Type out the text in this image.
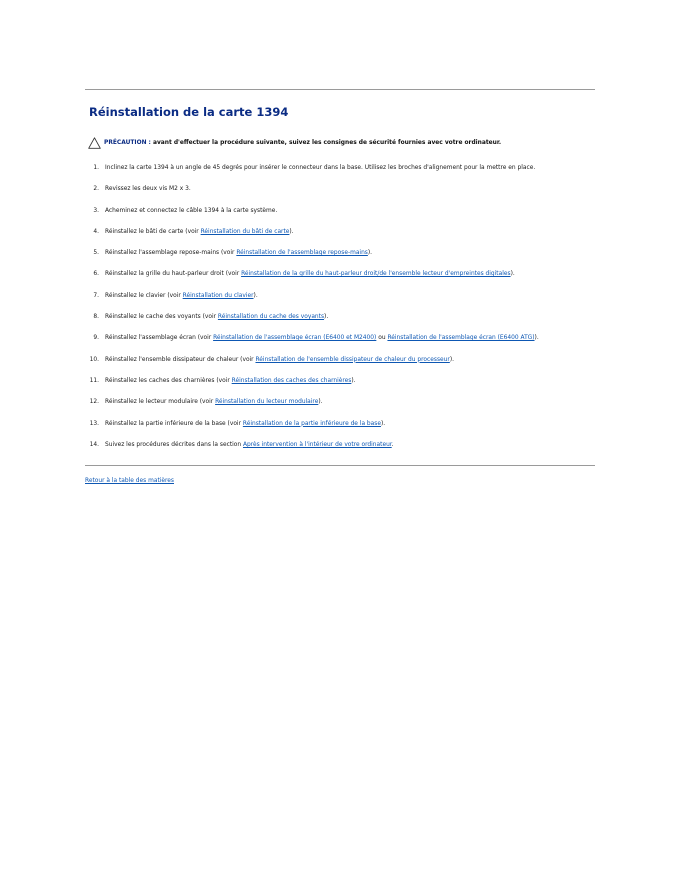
Réinstallation de la carte 1394
PRÉCAUTION : avant d'effectuer la procédure suivante, suivez les consignes de sécurité fournies avec votre ordinateur.
1. Inclinez la carte 1394 à un angle de 45 degrés pour insérer le connecteur dans la base. Utilisez les broches d'alignement pour la mettre en place.
2. Revissez les deux vis M2 x 3.
3. Acheminez et connectez le câble 1394 à la carte système.
4. Réinstallez le bâti de carte (voir Réinstallation du bâti de carte).
5. Réinstallez l'assemblage repose-mains (voir Réinstallation de l'assemblage repose-mains).
6. Réinstallez la grille du haut-parleur droit (voir Réinstallation de la grille du haut-parleur droit/de l'ensemble lecteur d'empreintes digitales).
7. Réinstallez le clavier (voir Réinstallation du clavier).
8. Réinstallez le cache des voyants (voir Réinstallation du cache des voyants).
9. Réinstallez l'assemblage écran (voir Réinstallation de l'assemblage écran (E6400 et M2400) ou Réinstallation de l'assemblage écran (E6400 ATG)).
10. Réinstallez l'ensemble dissipateur de chaleur (voir Réinstallation de l'ensemble dissipateur de chaleur du processeur).
11. Réinstallez les caches des charnières (voir Réinstallation des caches des charnières).
12. Réinstallez le lecteur modulaire (voir Réinstallation du lecteur modulaire).
13. Réinstallez la partie inférieure de la base (voir Réinstallation de la partie inférieure de la base).
14. Suivez les procédures décrites dans la section Après intervention à l'intérieur de votre ordinateur.
Retour à la table des matières
